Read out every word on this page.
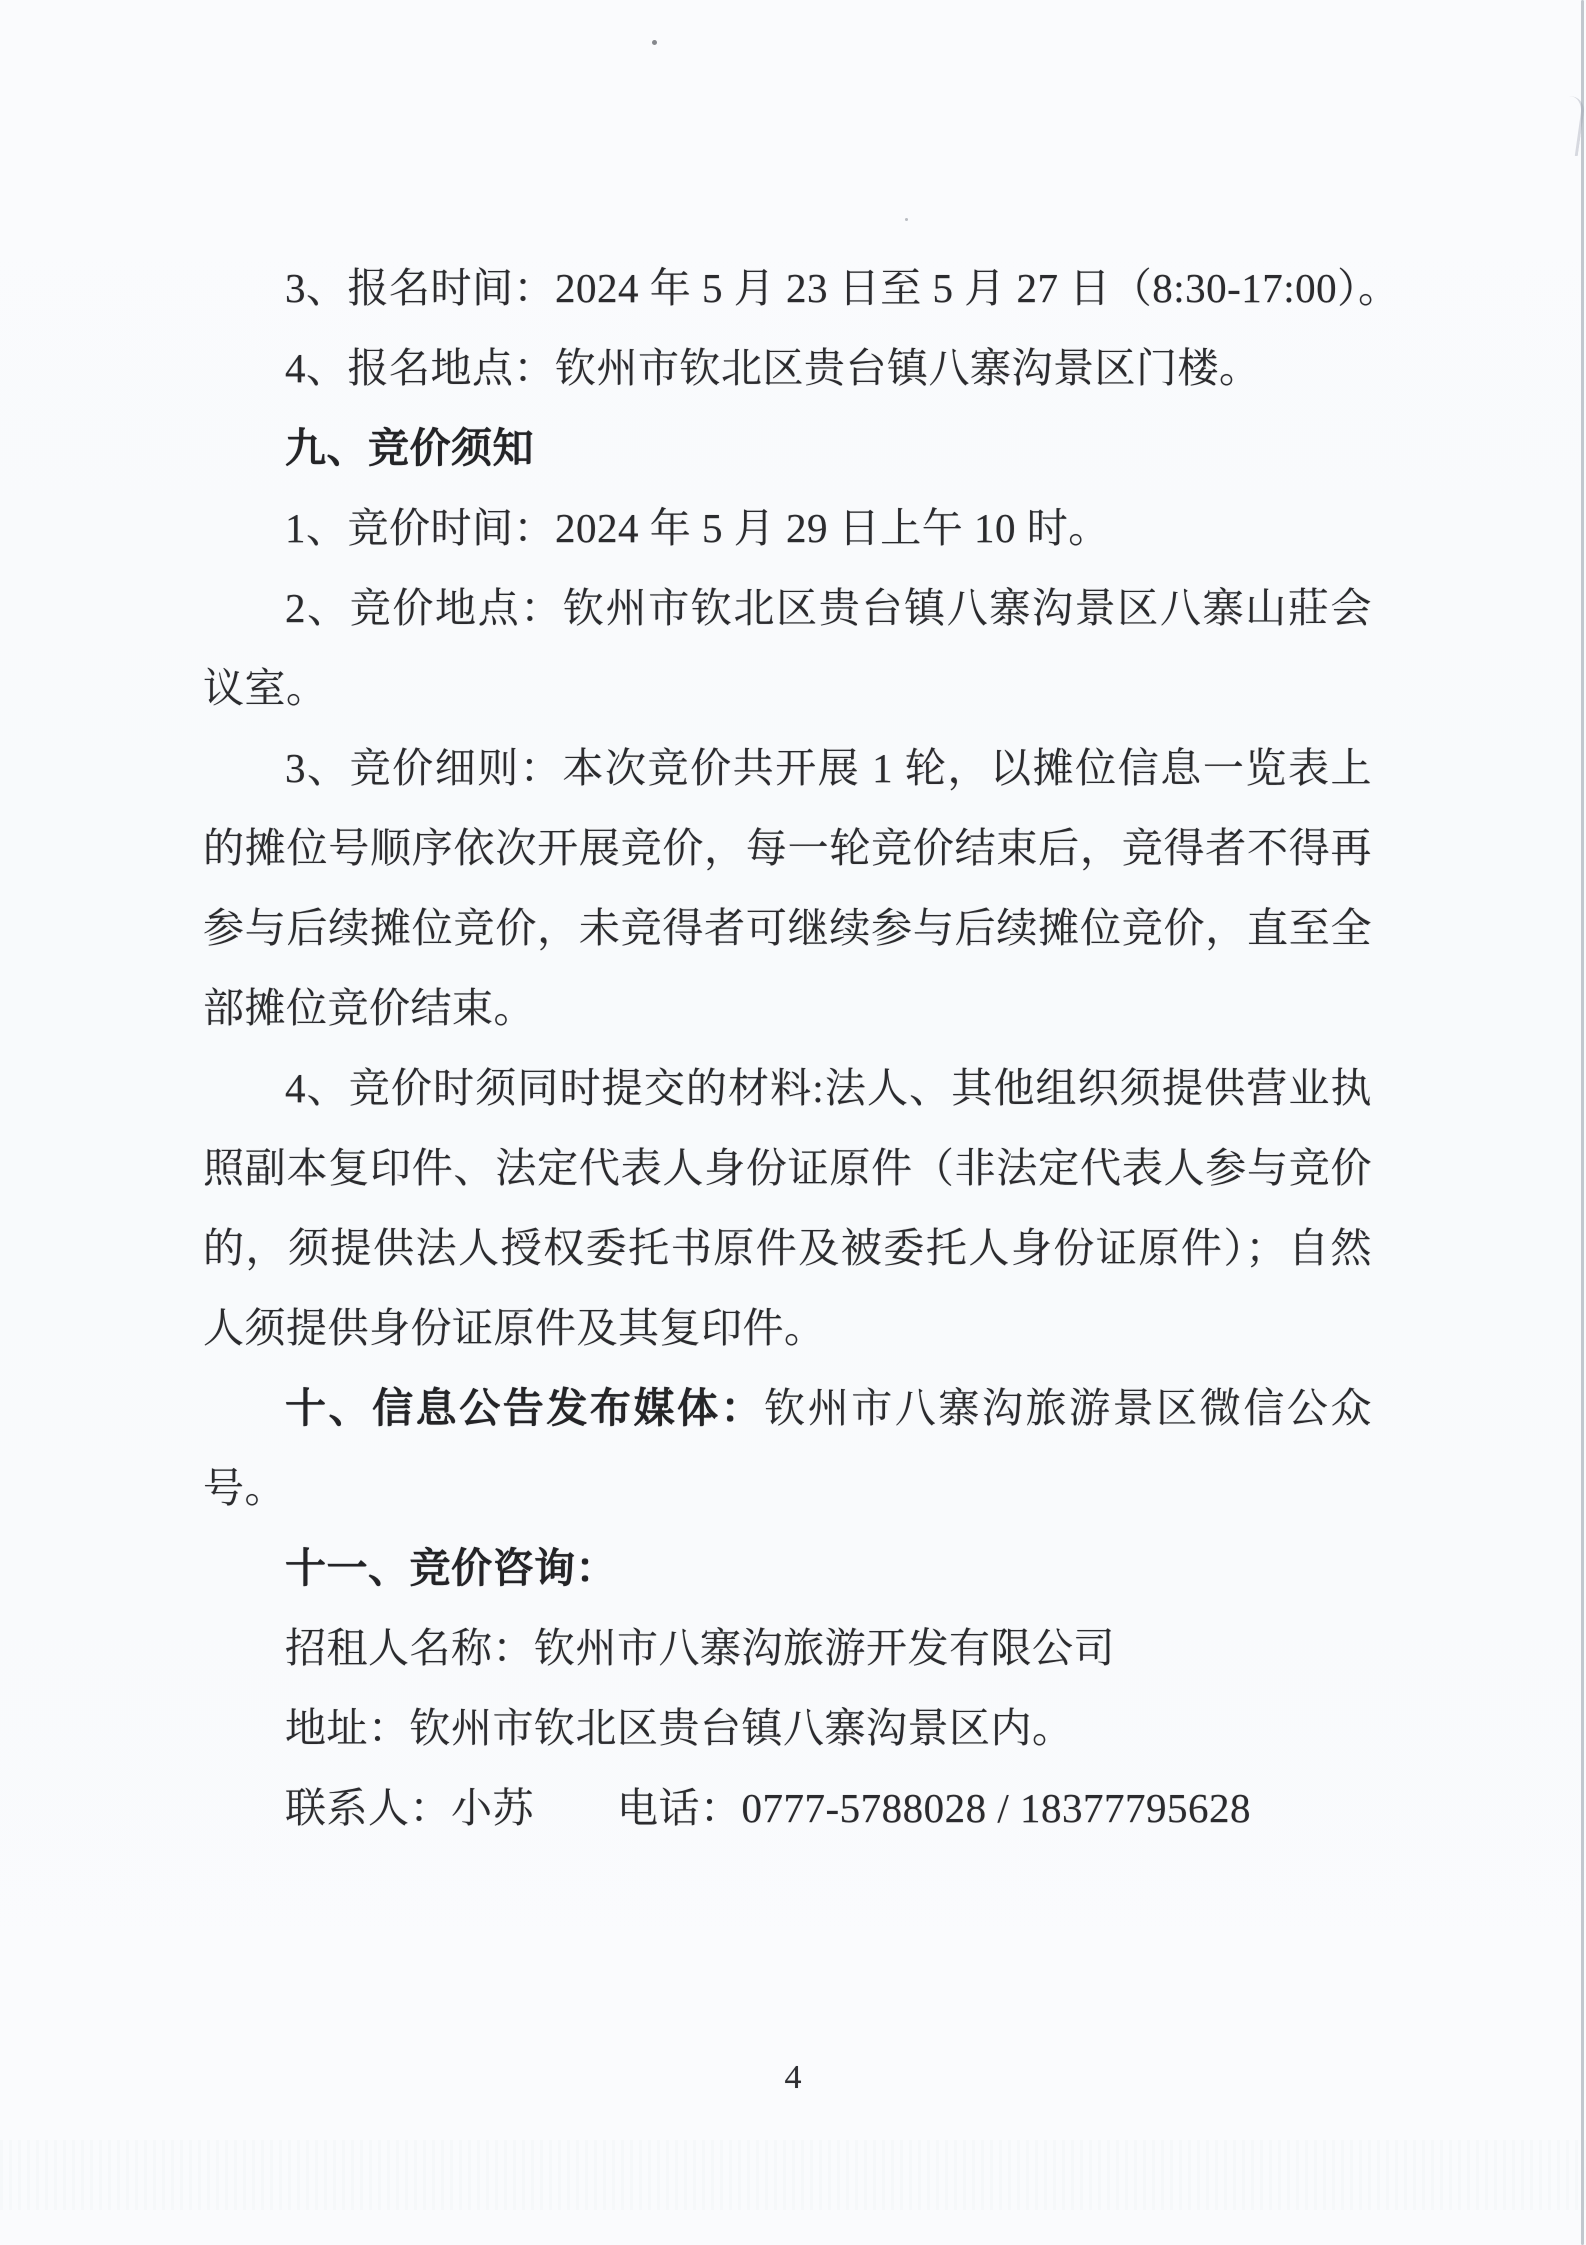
3、报名时间：2024 年 5 月 23 日至 5 月 27 日（8:30-17:00）。
4、报名地点：钦州市钦北区贵台镇八寨沟景区门楼。
九、竞价须知
1、竞价时间：2024 年 5 月 29 日上午 10 时。
2、竞价地点：钦州市钦北区贵台镇八寨沟景区八寨山莊会
议室。
3、竞价细则：本次竞价共开展 1 轮，以摊位信息一览表上
的摊位号顺序依次开展竞价，每一轮竞价结束后，竞得者不得再
参与后续摊位竞价，未竞得者可继续参与后续摊位竞价，直至全
部摊位竞价结束。
4、竞价时须同时提交的材料:法人、其他组织须提供营业执
照副本复印件、法定代表人身份证原件（非法定代表人参与竞价
的，须提供法人授权委托书原件及被委托人身份证原件）；自然
人须提供身份证原件及其复印件。
十、信息公告发布媒体：钦州市八寨沟旅游景区微信公众
号。
十一、竞价咨询：
招租人名称：钦州市八寨沟旅游开发有限公司
地址：钦州市钦北区贵台镇八寨沟景区内。
联系人：小苏　　电话：0777-5788028 / 18377795628
4
